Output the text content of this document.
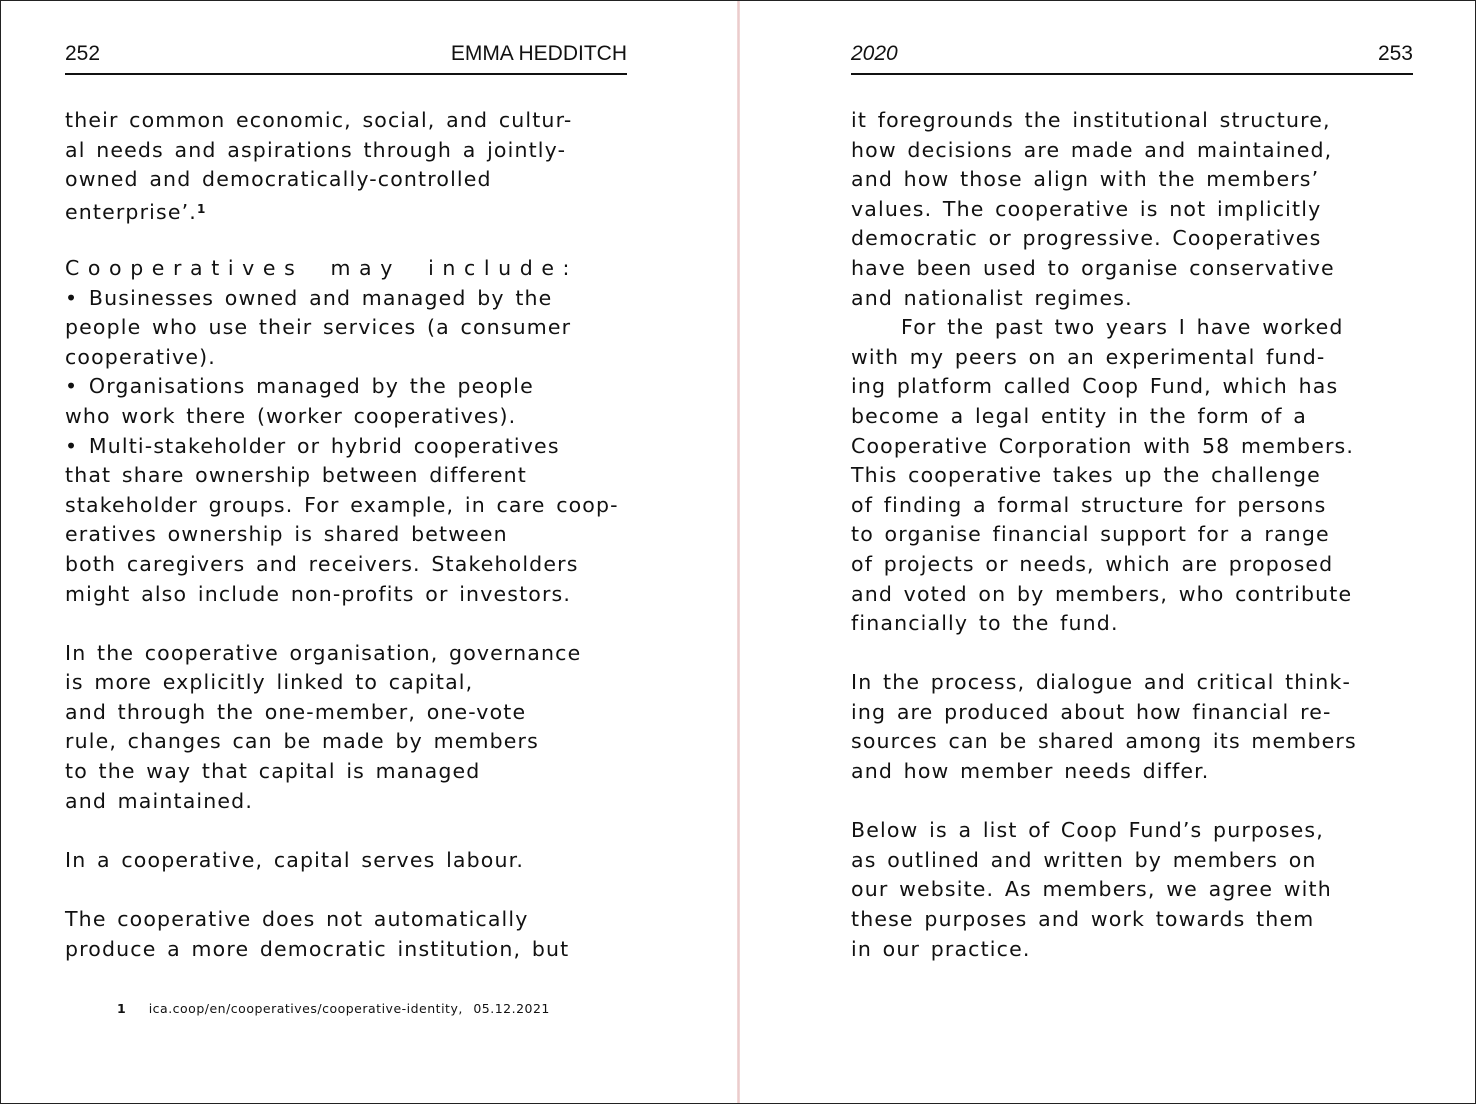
252	EMMA HEDDITCH
their common economic, social, and cultur-
al needs and aspirations through a jointly-
owned and democratically-controlled
enterprise’.$^1$
Cooperatives may include:
• Businesses owned and managed by the
people who use their services (a consumer
cooperative).
• Organisations managed by the people
who work there (worker cooperatives).
• Multi-stakeholder or hybrid cooperatives
that share ownership between different
stakeholder groups. For example, in care coop-
eratives ownership is shared between
both caregivers and receivers. Stakeholders
might also include non-profits or investors.
In the cooperative organisation, governance
is more explicitly linked to capital,
and through the one-member, one-vote
rule, changes can be made by members
to the way that capital is managed
and maintained.
In a cooperative, capital serves labour.
The cooperative does not automatically
produce a more democratic institution, but
1 ica.coop/en/cooperatives/cooperative-identity, 05.12.2021
2020	253
it foregrounds the institutional structure,
how decisions are made and maintained,
and how those align with the members’
values. The cooperative is not implicitly
democratic or progressive. Cooperatives
have been used to organise conservative
and nationalist regimes.
For the past two years I have worked
with my peers on an experimental fund-
ing platform called Coop Fund, which has
become a legal entity in the form of a
Cooperative Corporation with 58 members.
This cooperative takes up the challenge
of finding a formal structure for persons
to organise financial support for a range
of projects or needs, which are proposed
and voted on by members, who contribute
financially to the fund.
In the process, dialogue and critical think-
ing are produced about how financial re-
sources can be shared among its members
and how member needs differ.
Below is a list of Coop Fund’s purposes,
as outlined and written by members on
our website. As members, we agree with
these purposes and work towards them
in our practice.
